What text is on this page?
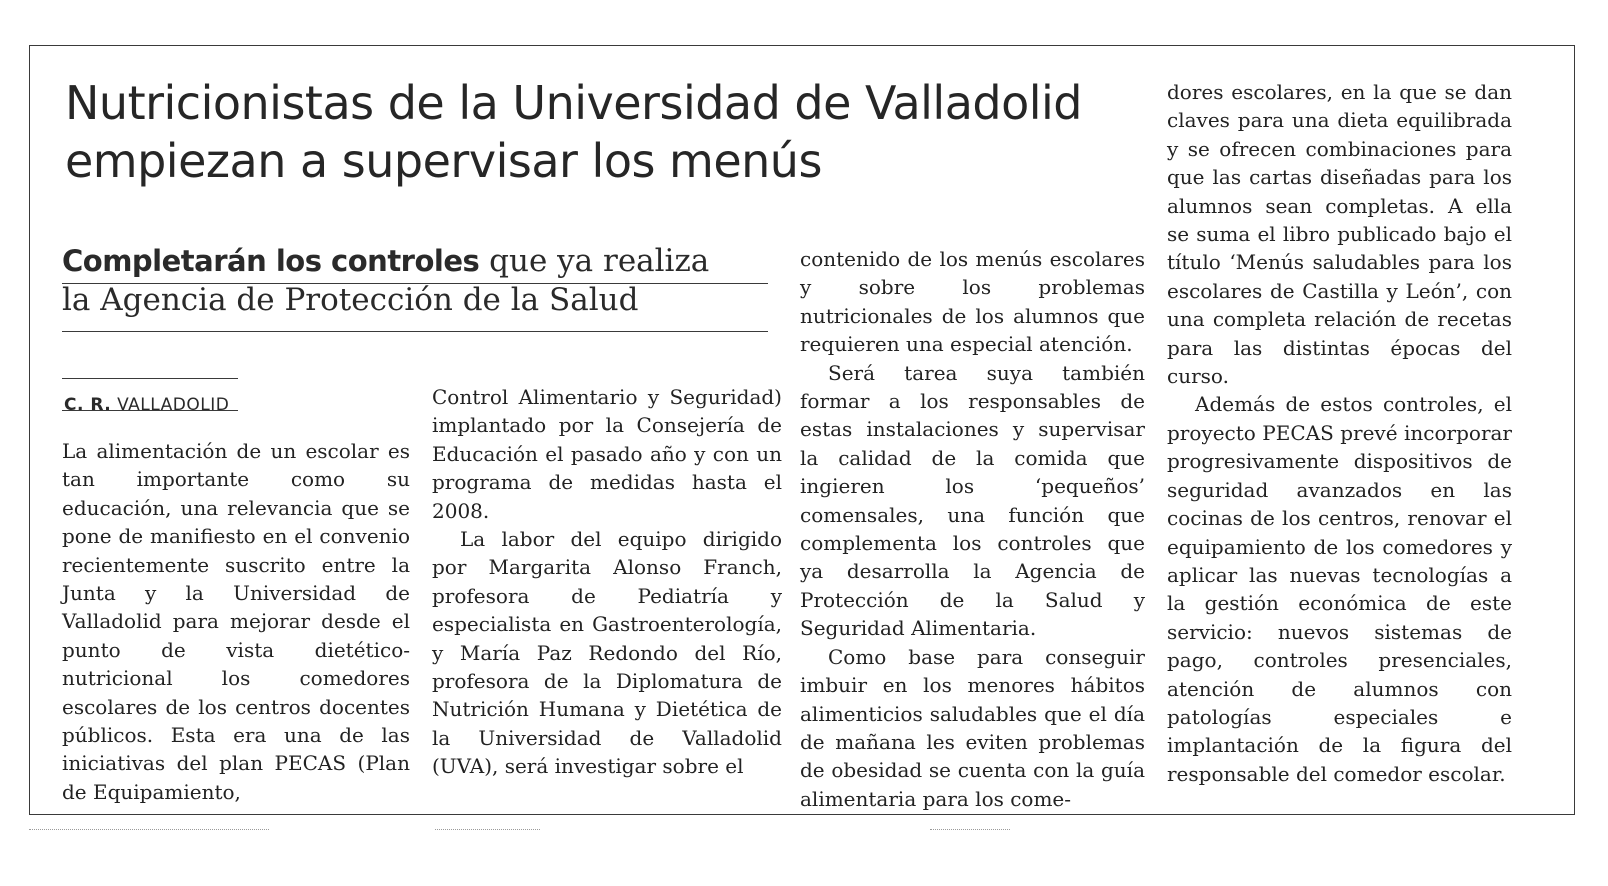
Nutricionistas de la Universidad de Valladolid empiezan a supervisar los menús
Completarán los controles que ya realiza
la Agencia de Protección de la Salud
C. R. VALLADOLID

La alimentación de un escolar es tan importante como su educación, una relevancia que se pone de manifiesto en el convenio recientemente suscrito entre la Junta y la Universidad de Valladolid para mejorar desde el punto de vista dietético-nutricional los comedores escolares de los centros docentes públicos. Esta era una de las iniciativas del plan PECAS (Plan de Equipamiento,

Control Alimentario y Seguridad) implantado por la Consejería de Educación el pasado año y con un programa de medidas hasta el 2008.

La labor del equipo dirigido por Margarita Alonso Franch, profesora de Pediatría y especialista en Gastroenterología, y María Paz Redondo del Río, profesora de la Diplomatura de Nutrición Humana y Dietética de la Universidad de Valladolid (UVA), será investigar sobre el

contenido de los menús escolares y sobre los problemas nutricionales de los alumnos que requieren una especial atención.

Será tarea suya también formar a los responsables de estas instalaciones y supervisar la calidad de la comida que ingieren los ‘pequeños’ comensales, una función que complementa los controles que ya desarrolla la Agencia de Protección de la Salud y Seguridad Alimentaria.

Como base para conseguir imbuir en los menores hábitos alimenticios saludables que el día de mañana les eviten problemas de obesidad se cuenta con la guía alimentaria para los come-

dores escolares, en la que se dan claves para una dieta equilibrada y se ofrecen combinaciones para que las cartas diseñadas para los alumnos sean completas. A ella se suma el libro publicado bajo el título ‘Menús saludables para los escolares de Castilla y León’, con una completa relación de recetas para las distintas épocas del curso.

Además de estos controles, el proyecto PECAS prevé incorporar progresivamente dispositivos de seguridad avanzados en las cocinas de los centros, renovar el equipamiento de los comedores y aplicar las nuevas tecnologías a la gestión económica de este servicio: nuevos sistemas de pago, controles presenciales, atención de alumnos con patologías especiales e implantación de la figura del responsable del comedor escolar.
